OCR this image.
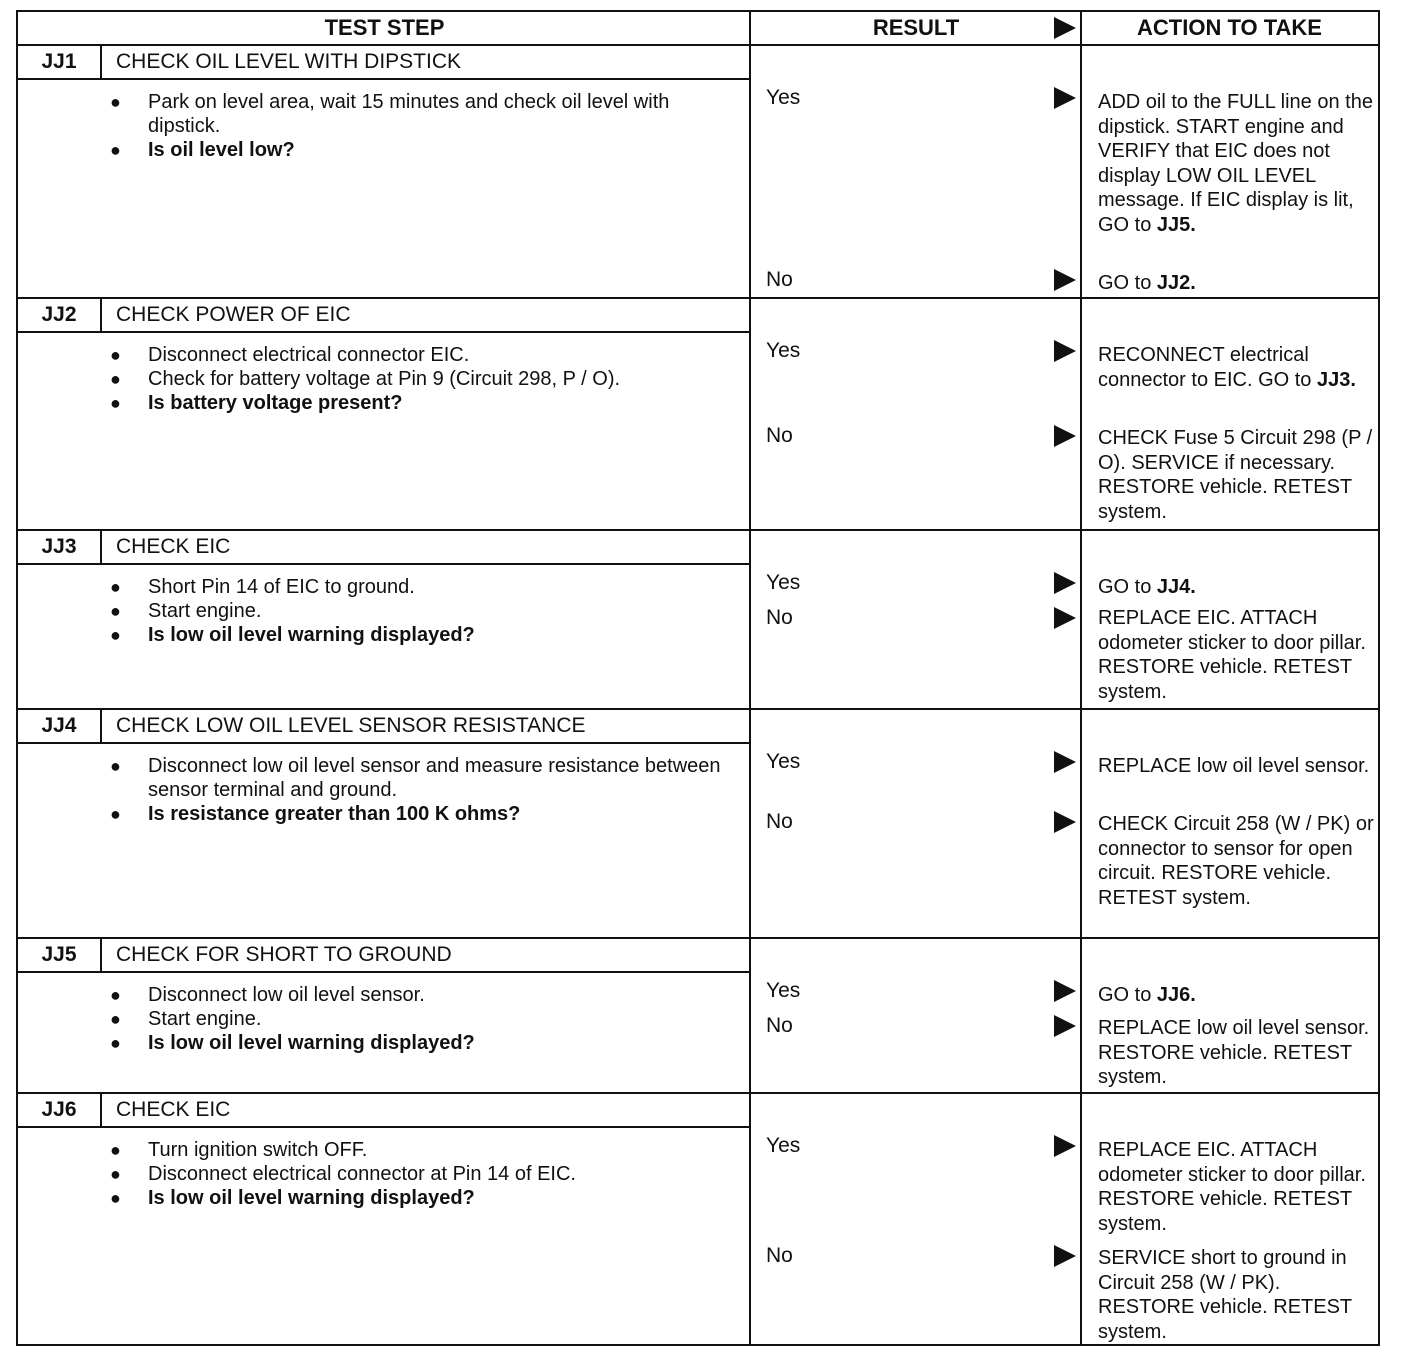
TEST STEP	RESULT	ACTION TO TAKE
JJ1	CHECK OIL LEVEL WITH DIPSTICK
● Park on level area, wait 15 minutes and check oil level with dipstick.
● Is oil level low?
Yes	ADD oil to the FULL line on the dipstick. START engine and VERIFY that EIC does not display LOW OIL LEVEL message. If EIC display is lit, GO to JJ5.
No	GO to JJ2.
JJ2	CHECK POWER OF EIC
● Disconnect electrical connector EIC.
● Check for battery voltage at Pin 9 (Circuit 298, P / O).
● Is battery voltage present?
Yes	RECONNECT electrical connector to EIC. GO to JJ3.
No	CHECK Fuse 5 Circuit 298 (P / O). SERVICE if necessary. RESTORE vehicle. RETEST system.
JJ3	CHECK EIC
● Short Pin 14 of EIC to ground.
● Start engine.
● Is low oil level warning displayed?
Yes	GO to JJ4.
No	REPLACE EIC. ATTACH odometer sticker to door pillar. RESTORE vehicle. RETEST system.
JJ4	CHECK LOW OIL LEVEL SENSOR RESISTANCE
● Disconnect low oil level sensor and measure resistance between sensor terminal and ground.
● Is resistance greater than 100 K ohms?
Yes	REPLACE low oil level sensor.
No	CHECK Circuit 258 (W / PK) or connector to sensor for open circuit. RESTORE vehicle. RETEST system.
JJ5	CHECK FOR SHORT TO GROUND
● Disconnect low oil level sensor.
● Start engine.
● Is low oil level warning displayed?
Yes	GO to JJ6.
No	REPLACE low oil level sensor. RESTORE vehicle. RETEST system.
JJ6	CHECK EIC
● Turn ignition switch OFF.
● Disconnect electrical connector at Pin 14 of EIC.
● Is low oil level warning displayed?
Yes	REPLACE EIC. ATTACH odometer sticker to door pillar. RESTORE vehicle. RETEST system.
No	SERVICE short to ground in Circuit 258 (W / PK). RESTORE vehicle. RETEST system.
